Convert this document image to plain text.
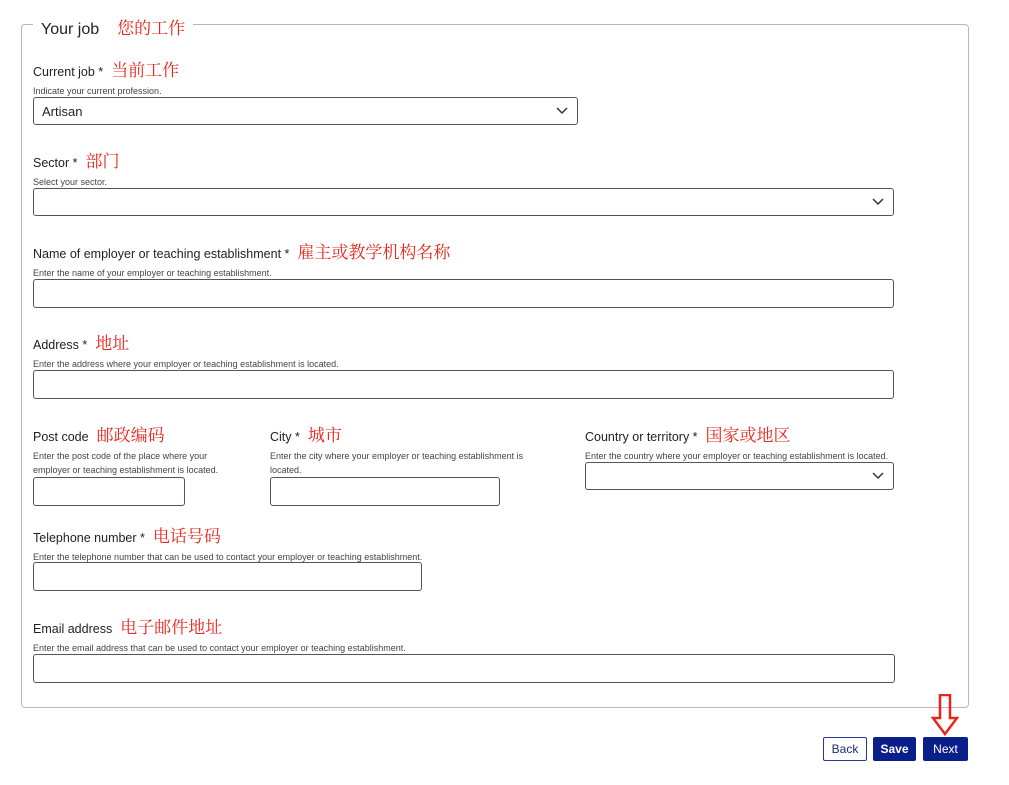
Your job 您的工作
Current job * 当前工作
Indicate your current profession.
Artisan
Sector * 部门
Select your sector.
Name of employer or teaching establishment * 雇主或教学机构名称
Enter the name of your employer or teaching establishment.
Address * 地址
Enter the address where your employer or teaching establishment is located.
Post code 邮政编码
Enter the post code of the place where your
employer or teaching establishment is located.
City * 城市
Enter the city where your employer or teaching establishment is
located.
Country or territory * 国家或地区
Enter the country where your employer or teaching establishment is located.
Telephone number * 电话号码
Enter the telephone number that can be used to contact your employer or teaching establishment.
Email address 电子邮件地址
Enter the email address that can be used to contact your employer or teaching establishment.
Back	Save	Next
